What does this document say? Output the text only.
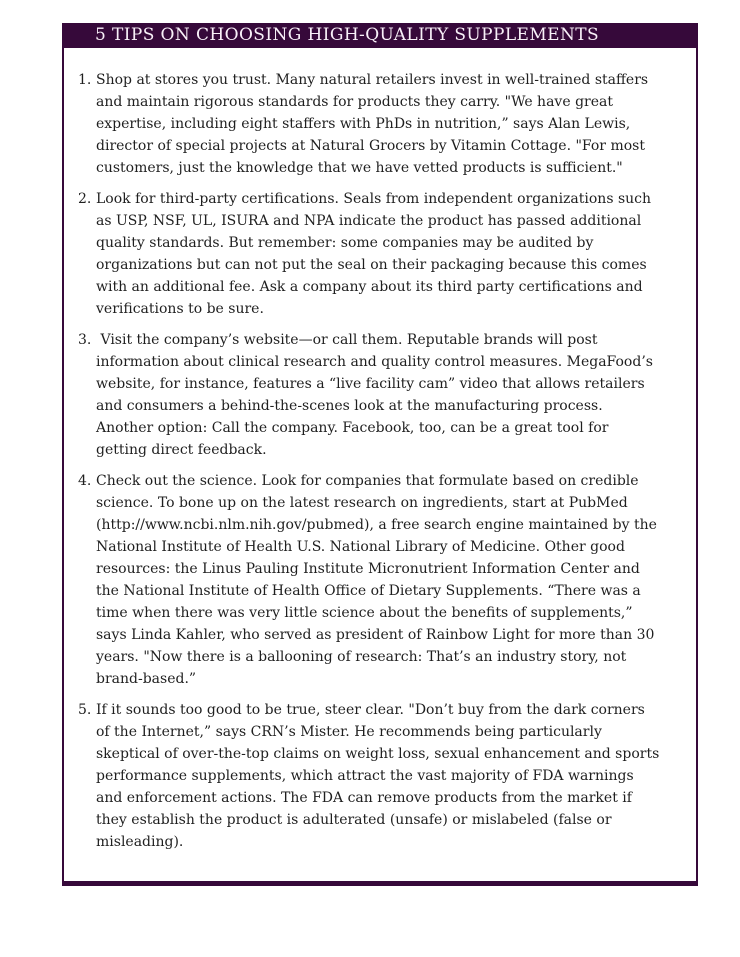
5 TIPS ON CHOOSING HIGH-QUALITY SUPPLEMENTS
1. Shop at stores you trust. Many natural retailers invest in well-trained staffers and maintain rigorous standards for products they carry. "We have great expertise, including eight staffers with PhDs in nutrition,” says Alan Lewis, director of special projects at Natural Grocers by Vitamin Cottage. "For most customers, just the knowledge that we have vetted products is sufficient."
2. Look for third-party certifications. Seals from independent organizations such as USP, NSF, UL, ISURA and NPA indicate the product has passed additional quality standards. But remember: some companies may be audited by organizations but can not put the seal on their packaging because this comes with an additional fee. Ask a company about its third party certifications and verifications to be sure.
3. Visit the company’s website—or call them. Reputable brands will post information about clinical research and quality control measures. MegaFood’s website, for instance, features a “live facility cam” video that allows retailers and consumers a behind-the-scenes look at the manufacturing process. Another option: Call the company. Facebook, too, can be a great tool for getting direct feedback.
4. Check out the science. Look for companies that formulate based on credible science. To bone up on the latest research on ingredients, start at PubMed (http://www.ncbi.nlm.nih.gov/pubmed), a free search engine maintained by the National Institute of Health U.S. National Library of Medicine. Other good resources: the Linus Pauling Institute Micronutrient Information Center and the National Institute of Health Office of Dietary Supplements. “There was a time when there was very little science about the benefits of supplements,” says Linda Kahler, who served as president of Rainbow Light for more than 30 years. "Now there is a ballooning of research: That’s an industry story, not brand-based.”
5. If it sounds too good to be true, steer clear. "Don’t buy from the dark corners of the Internet,” says CRN’s Mister. He recommends being particularly skeptical of over-the-top claims on weight loss, sexual enhancement and sports performance supplements, which attract the vast majority of FDA warnings and enforcement actions. The FDA can remove products from the market if they establish the product is adulterated (unsafe) or mislabeled (false or misleading).
